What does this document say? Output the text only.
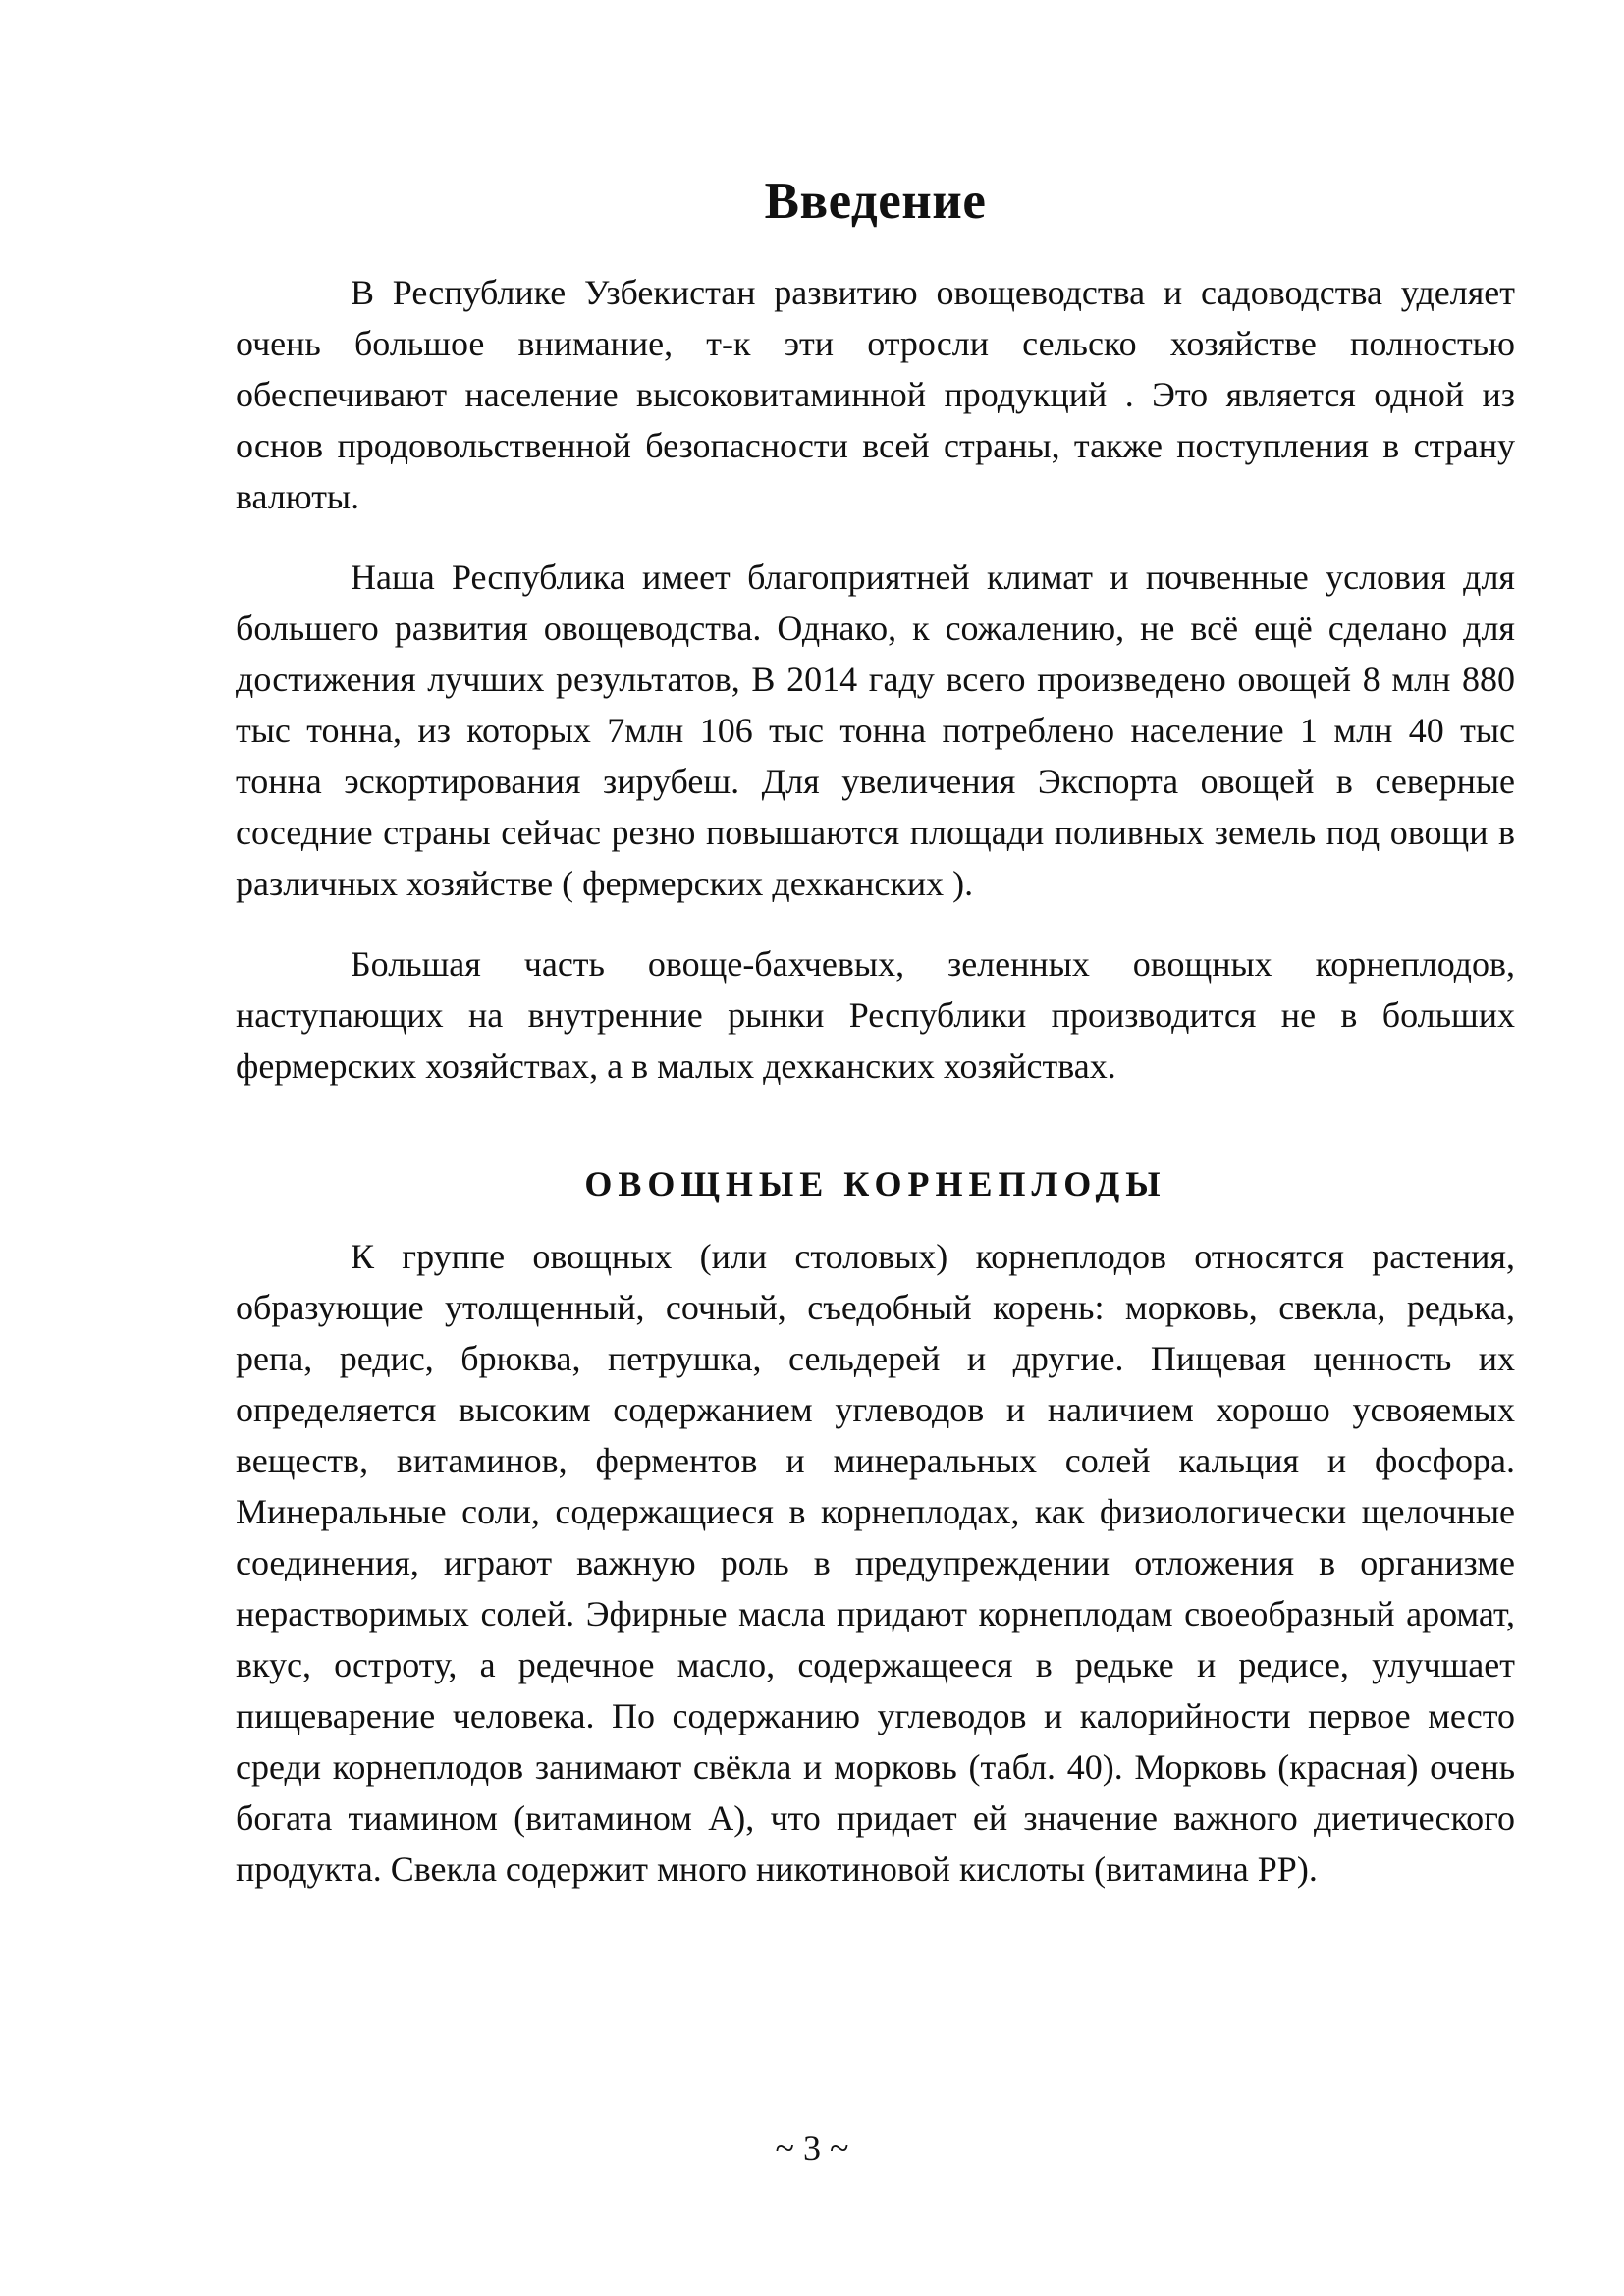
Введение

В Республике Узбекистан развитию овощеводства и садоводства уделяет очень большое внимание, т-к эти отросли сельско хозяйстве полностью обеспечивают население высоковитаминной продукций . Это является одной из основ продовольственной безопасности всей страны, также поступления в страну валюты.

Наша Республика имеет благоприятней климат и почвенные условия для большего развития овощеводства. Однако, к сожалению, не всё ещё сделано для достижения лучших результатов, В 2014 гаду всего произведено овощей 8 млн 880 тыс тонна, из которых 7млн 106 тыс тонна потреблено население 1 млн 40 тыс тонна эскортирования зирубеш. Для увеличения Экспорта овощей в северные соседние страны сейчас резно повышаются площади поливных земель под овощи в различных хозяйстве ( фермерских дехканских ).

Большая часть овоще-бахчевых, зеленных овощных корнеплодов, наступающих на внутренние рынки Республики производится не в больших фермерских хозяйствах, а в малых дехканских хозяйствах.

ОВОЩНЫЕ КОРНЕПЛОДЫ

К группе овощных (или столовых) корнеплодов относятся растения, образующие утолщенный, сочный, съедобный корень: морковь, свекла, редька, репа, редис, брюква, петрушка, сельдерей и другие. Пищевая ценность их определяется высоким содержанием углеводов и наличием хорошо усвояемых веществ, витаминов, ферментов и минеральных солей кальция и фосфора. Минеральные соли, содержащиеся в корнеплодах, как физиологически щелочные соединения, играют важную роль в предупреждении отложения в организме нерастворимых солей. Эфирные масла придают корнеплодам своеобразный аромат, вкус, остроту, а редечное масло, содержащееся в редьке и редисе, улучшает пищеварение человека. По содержанию углеводов и калорийности первое место среди корнеплодов занимают свёкла и морковь (табл. 40). Морковь (красная) очень богата тиамином (витамином А), что придает ей значение важного диетического продукта. Свекла содержит много никотиновой кислоты (витамина РР).

~ 3 ~
